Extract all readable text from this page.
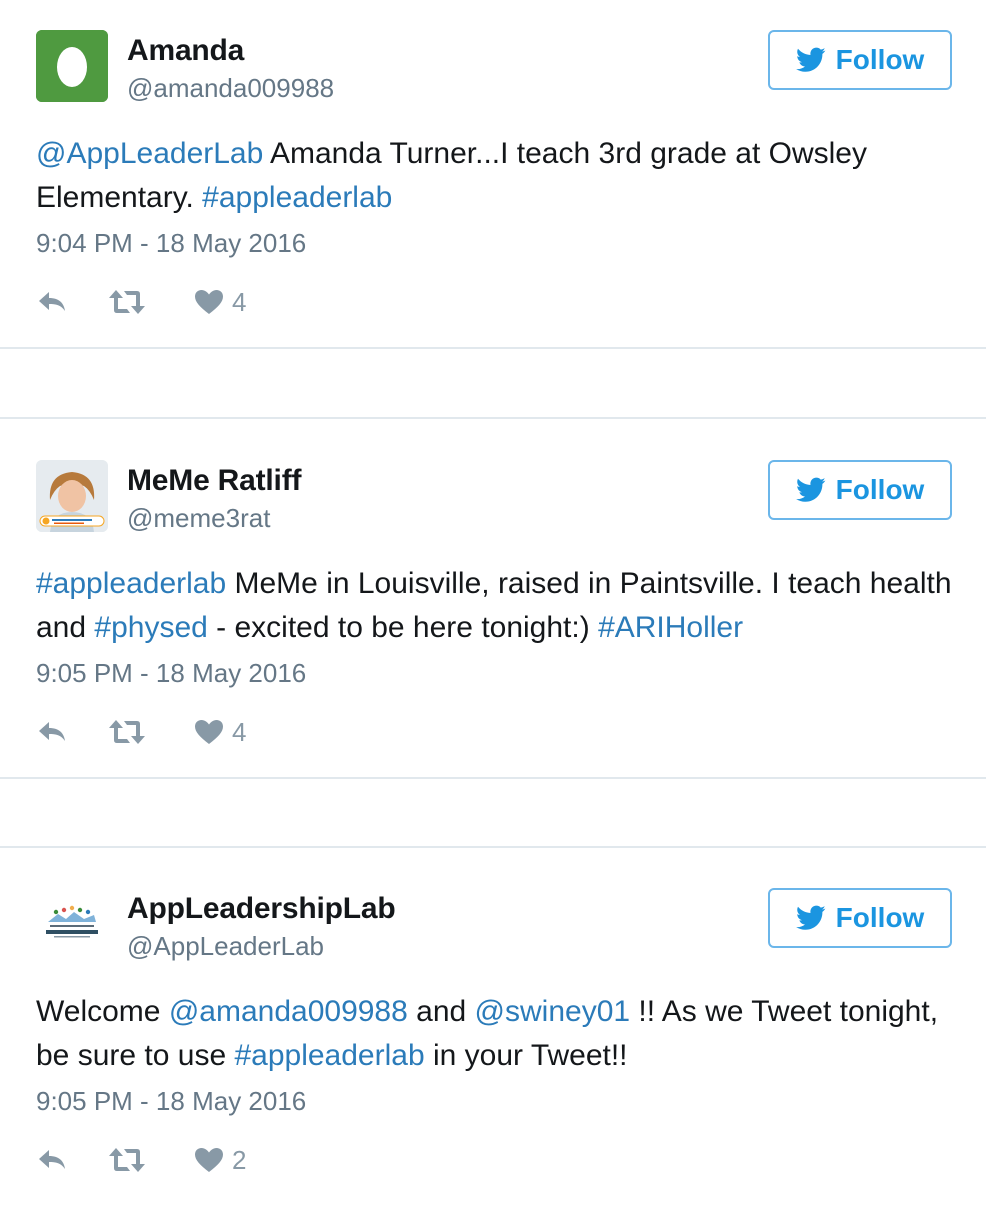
Amanda
@amanda009988
Follow

@AppLeaderLab Amanda Turner...I teach 3rd grade at Owsley Elementary. #appleaderlab

9:04 PM - 18 May 2016
4
MeMe Ratliff
@meme3rat
Follow

#appleaderlab MeMe in Louisville, raised in Paintsville. I teach health and #physed - excited to be here tonight:) #ARIHoller

9:05 PM - 18 May 2016
4
AppLeadershipLab
@AppLeaderLab
Follow

Welcome @amanda009988 and @swiney01 !! As we Tweet tonight, be sure to use #appleaderlab in your Tweet!!

9:05 PM - 18 May 2016
2
